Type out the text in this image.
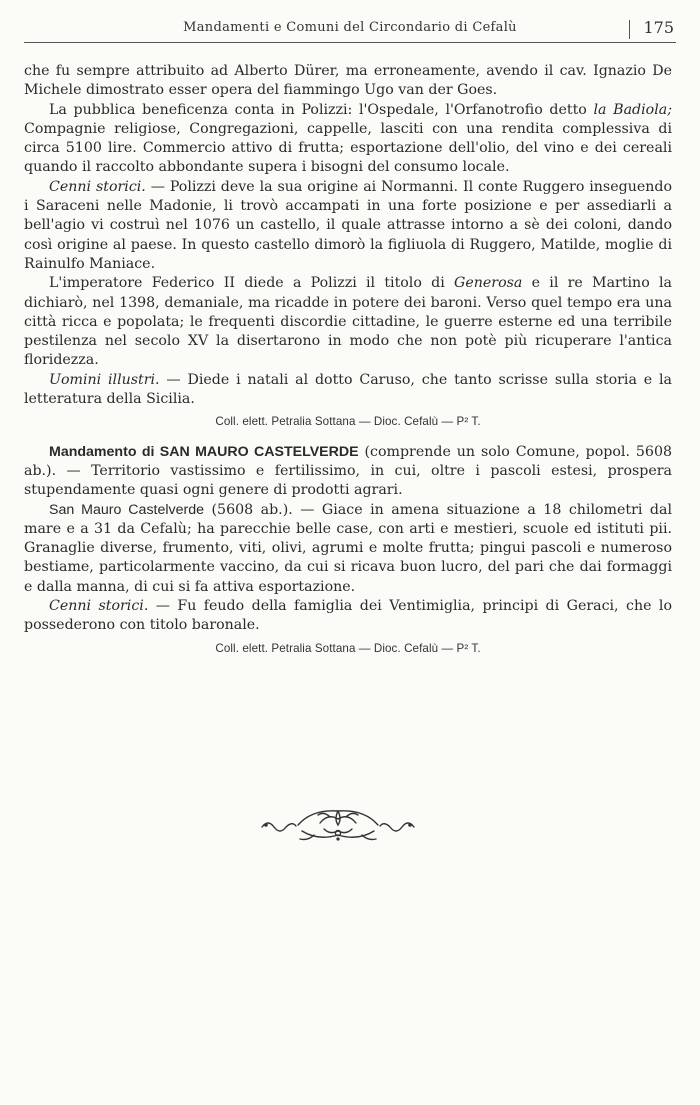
Mandamenti e Comuni del Circondario di Cefalù	175

che fu sempre attribuito ad Alberto Dürer, ma erroneamente, avendo il cav. Ignazio De Michele dimostrato esser opera del fiammingo Ugo van der Goes.

La pubblica beneficenza conta in Polizzi: l'Ospedale, l'Orfanotrofio detto la Badiola; Compagnie religiose, Congregazioni, cappelle, lasciti con una rendita complessiva di circa 5100 lire. Commercio attivo di frutta; esportazione dell'olio, del vino e dei cereali quando il raccolto abbondante supera i bisogni del consumo locale.

Cenni storici. — Polizzi deve la sua origine ai Normanni. Il conte Ruggero inseguendo i Saraceni nelle Madonie, li trovò accampati in una forte posizione e per assediarli a bell'agio vi costruì nel 1076 un castello, il quale attrasse intorno a sè dei coloni, dando così origine al paese. In questo castello dimorò la figliuola di Ruggero, Matilde, moglie di Rainulfo Maniace.

L'imperatore Federico II diede a Polizzi il titolo di Generosa e il re Martino la dichiarò, nel 1398, demaniale, ma ricadde in potere dei baroni. Verso quel tempo era una città ricca e popolata; le frequenti discordie cittadine, le guerre esterne ed una terribile pestilenza nel secolo XV la disertarono in modo che non potè più ricuperare l'antica floridezza.

Uomini illustri. — Diede i natali al dotto Caruso, che tanto scrisse sulla storia e la letteratura della Sicilia.

Coll. elett. Petralia Sottana — Dioc. Cefalù — P² T.

Mandamento di SAN MAURO CASTELVERDE (comprende un solo Comune, popol. 5608 ab.). — Territorio vastissimo e fertilissimo, in cui, oltre i pascoli estesi, prospera stupendamente quasi ogni genere di prodotti agrari.

San Mauro Castelverde (5608 ab.). — Giace in amena situazione a 18 chilometri dal mare e a 31 da Cefalù; ha parecchie belle case, con arti e mestieri, scuole ed istituti pii. Granaglie diverse, frumento, viti, olivi, agrumi e molte frutta; pingui pascoli e numeroso bestiame, particolarmente vaccino, da cui si ricava buon lucro, del pari che dai formaggi e dalla manna, di cui si fa attiva esportazione.

Cenni storici. — Fu feudo della famiglia dei Ventimiglia, principi di Geraci, che lo possederono con titolo baronale.

Coll. elett. Petralia Sottana — Dioc. Cefalù — P² T.
